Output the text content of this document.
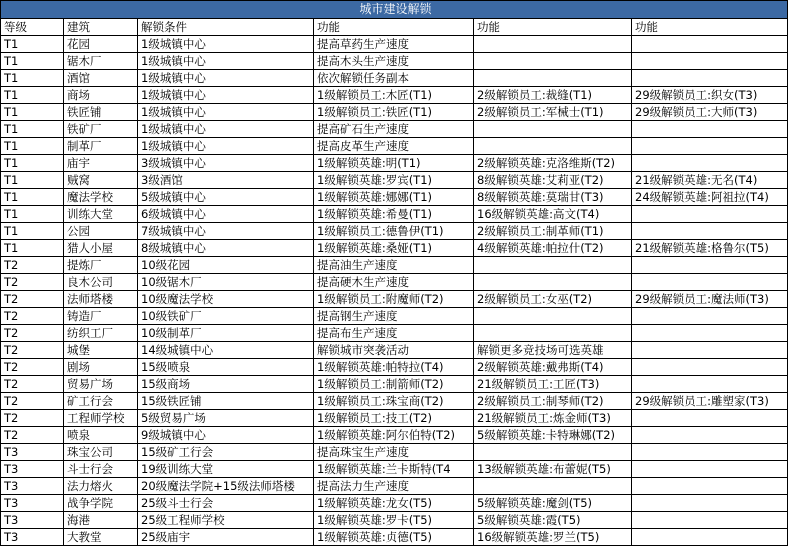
城市建设解锁					
等级	建筑	解锁条件	功能	功能	功能
T1	花园	1级城镇中心	提高草药生产速度		
T1	锯木厂	1级城镇中心	提高木头生产速度		
T1	酒馆	1级城镇中心	依次解锁任务副本		
T1	商场	1级城镇中心	1级解锁员工:木匠(T1)	2级解锁员工:裁缝(T1)	29级解锁员工:织女(T3)
T1	铁匠铺	1级城镇中心	1级解锁员工:铁匠(T1)	2级解锁员工:军械士(T1)	29级解锁员工:大师(T3)
T1	铁矿厂	1级城镇中心	提高矿石生产速度		
T1	制革厂	1级城镇中心	提高皮革生产速度		
T1	庙宇	3级城镇中心	1级解锁英雄:明(T1)	2级解锁英雄:克洛维斯(T2)	
T1	贼窝	3级酒馆	1级解锁英雄:罗宾(T1)	8级解锁英雄:艾莉亚(T2)	21级解锁英雄:无名(T4)
T1	魔法学校	5级城镇中心	1级解锁英雄:娜娜(T1)	8级解锁英雄:莫瑞甘(T3)	24级解锁英雄:阿祖拉(T4)
T1	训练大堂	6级城镇中心	1级解锁英雄:希曼(T1)	16级解锁英雄:高文(T4)	
T1	公园	7级城镇中心	1级解锁员工:德鲁伊(T1)	2级解锁员工:制革师(T1)	
T1	猎人小屋	8级城镇中心	1级解锁英雄:桑娅(T1)	4级解锁英雄:帕拉什(T2)	21级解锁英雄:格鲁尔(T5)
T2	提炼厂	10级花园	提高油生产速度		
T2	良木公司	10级锯木厂	提高硬木生产速度		
T2	法师塔楼	10级魔法学校	1级解锁员工:附魔师(T2)	2级解锁员工:女巫(T2)	29级解锁员工:魔法师(T3)
T2	铸造厂	10级铁矿厂	提高钢生产速度		
T2	纺织工厂	10级制革厂	提高布生产速度		
T2	城堡	14级城镇中心	解锁城市突袭活动	解锁更多竞技场可选英雄	
T2	剧场	15级喷泉	1级解锁英雄:帕特拉(T4)	2级解锁英雄:戴弗斯(T4)	
T2	贸易广场	15级商场	1级解锁员工:制箭师(T2)	21级解锁员工:工匠(T3)	
T2	矿工行会	15级铁匠铺	1级解锁员工:珠宝商(T2)	2级解锁员工:制琴师(T2)	29级解锁员工:雕塑家(T3)
T2	工程师学校	5级贸易广场	1级解锁员工:技工(T2)	21级解锁员工:炼金师(T3)	
T2	喷泉	9级城镇中心	1级解锁英雄:阿尔伯特(T2)	5级解锁英雄:卡特琳娜(T2)	
T3	珠宝公司	15级矿工行会	提高珠宝生产速度		
T3	斗士行会	19级训练大堂	1级解锁英雄:兰卡斯特(T4	13级解锁英雄:布蕾妮(T5)	
T3	法力熔火	20级魔法学院+15级法师塔楼	提高法力生产速度		
T3	战争学院	25级斗士行会	1级解锁英雄:龙女(T5)	5级解锁英雄:魔剑(T5)	
T3	海港	25级工程师学校	1级解锁英雄:罗卡(T5)	5级解锁英雄:霞(T5)	
T3	大教堂	25级庙宇	1级解锁英雄:贞德(T5)	16级解锁英雄:罗兰(T5)	
